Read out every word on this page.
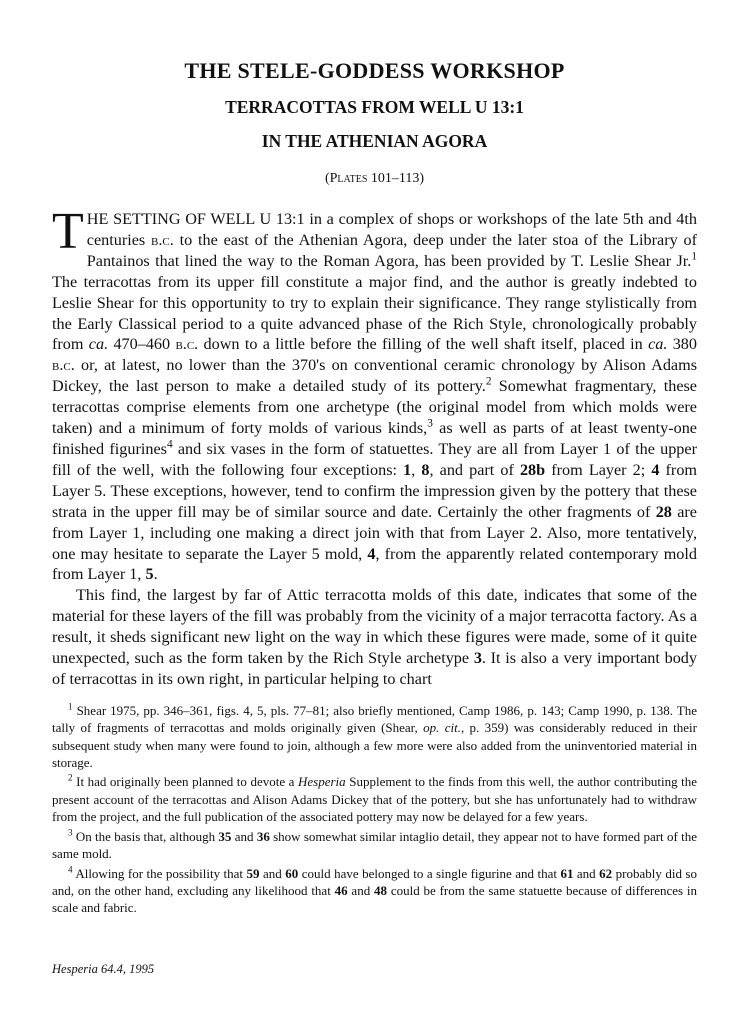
THE STELE-GODDESS WORKSHOP
TERRACOTTAS FROM WELL U 13:1
IN THE ATHENIAN AGORA
(Plates 101–113)

THE SETTING OF WELL U 13:1 in a complex of shops or workshops of the late 5th and 4th centuries b.c. to the east of the Athenian Agora, deep under the later stoa of the Library of Pantainos that lined the way to the Roman Agora, has been provided by T. Leslie Shear Jr.$^1$ The terracottas from its upper fill constitute a major find, and the author is greatly indebted to Leslie Shear for this opportunity to try to explain their significance. They range stylistically from the Early Classical period to a quite advanced phase of the Rich Style, chronologically probably from ca. 470–460 b.c. down to a little before the filling of the well shaft itself, placed in ca. 380 b.c. or, at latest, no lower than the 370's on conventional ceramic chronology by Alison Adams Dickey, the last person to make a detailed study of its pottery.$^2$ Somewhat fragmentary, these terracottas comprise elements from one archetype (the original model from which molds were taken) and a minimum of forty molds of various kinds,$^3$ as well as parts of at least twenty-one finished figurines$^4$ and six vases in the form of statuettes. They are all from Layer 1 of the upper fill of the well, with the following four exceptions: 1, 8, and part of 28b from Layer 2; 4 from Layer 5. These exceptions, however, tend to confirm the impression given by the pottery that these strata in the upper fill may be of similar source and date. Certainly the other fragments of 28 are from Layer 1, including one making a direct join with that from Layer 2. Also, more tentatively, one may hesitate to separate the Layer 5 mold, 4, from the apparently related contemporary mold from Layer 1, 5.

This find, the largest by far of Attic terracotta molds of this date, indicates that some of the material for these layers of the fill was probably from the vicinity of a major terracotta factory. As a result, it sheds significant new light on the way in which these figures were made, some of it quite unexpected, such as the form taken by the Rich Style archetype 3. It is also a very important body of terracottas in its own right, in particular helping to chart

$^1$ Shear 1975, pp. 346–361, figs. 4, 5, pls. 77–81; also briefly mentioned, Camp 1986, p. 143; Camp 1990, p. 138. The tally of fragments of terracottas and molds originally given (Shear, op. cit., p. 359) was considerably reduced in their subsequent study when many were found to join, although a few more were also added from the uninventoried material in storage.

$^2$ It had originally been planned to devote a Hesperia Supplement to the finds from this well, the author contributing the present account of the terracottas and Alison Adams Dickey that of the pottery, but she has unfortunately had to withdraw from the project, and the full publication of the associated pottery may now be delayed for a few years.

$^3$ On the basis that, although 35 and 36 show somewhat similar intaglio detail, they appear not to have formed part of the same mold.

$^4$ Allowing for the possibility that 59 and 60 could have belonged to a single figurine and that 61 and 62 probably did so and, on the other hand, excluding any likelihood that 46 and 48 could be from the same statuette because of differences in scale and fabric.

Hesperia 64.4, 1995
